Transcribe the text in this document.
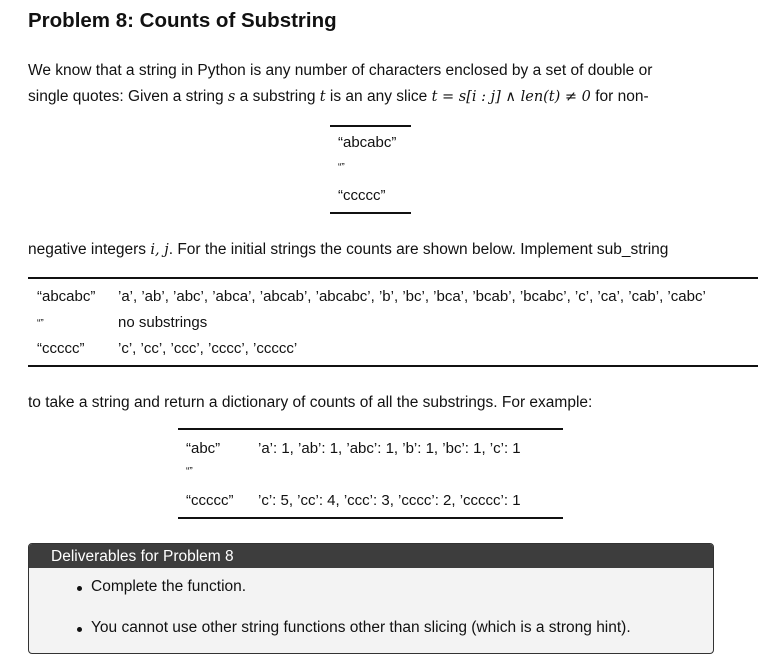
Problem 8: Counts of Substring

We know that a string in Python is any number of characters enclosed by a set of double or

single quotes: Given a string s a substring t is an any slice t = s[i : j] ∧ len(t) ≠ 0 for non-

“abcabc”
“”
“ccccc”

negative integers i, j. For the initial strings the counts are shown below. Implement sub_string

“abcabc” ’a’, ’ab’, ’abc’, ’abca’, ’abcab’, ’abcabc’, ’b’, ’bc’, ’bca’, ’bcab’, ’bcabc’, ’c’, ’ca’, ’cab’, ’cabc’
“”	no substrings
“ccccc” ’c’, ’cc’, ’ccc’, ’cccc’, ’ccccc’

to take a string and return a dictionary of counts of all the substrings. For example:

“abc”	’a’: 1, ’ab’: 1, ’abc’: 1, ’b’: 1, ’bc’: 1, ’c’: 1
“”
“ccccc” ’c’: 5, ’cc’: 4, ’ccc’: 3, ’cccc’: 2, ’ccccc’: 1
Deliverables for Problem 8
Complete the function.
You cannot use other string functions other than slicing (which is a strong hint).
